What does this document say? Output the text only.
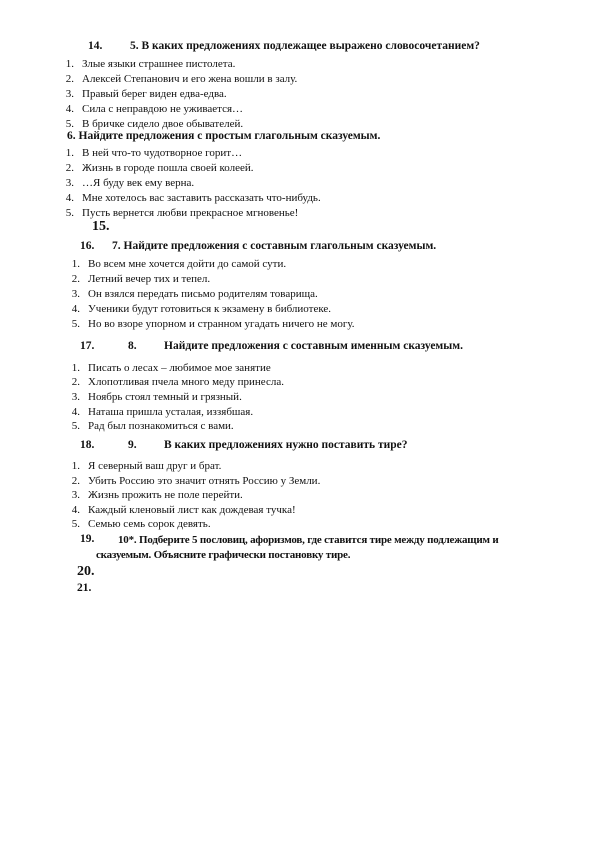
14. 5. В каких предложениях подлежащее выражено словосочетанием?
1. Злые языки страшнее пистолета.
2. Алексей Степанович и его жена вошли в залу.
3. Правый берег виден едва-едва.
4. Сила с неправдою не уживается…
5. В бричке сидело двое обывателей.
6. Найдите предложения с простым глагольным сказуемым.
1. В ней что-то чудотворное горит…
2. Жизнь в городе пошла своей колеей.
3. …Я буду век ему верна.
4. Мне хотелось вас заставить рассказать что-нибудь.
5. Пусть вернется любви прекрасное мгновенье!
15.
16. 7. Найдите предложения с составным глагольным сказуемым.
1. Во всем мне хочется дойти до самой сути.
2. Летний вечер тих и тепел.
3. Он взялся передать письмо родителям товарища.
4. Ученики будут готовиться к экзамену в библиотеке.
5. Но во взоре упорном и странном угадать ничего не могу.
17.	8. Найдите предложения с составным именным сказуемым.
1. Писать о лесах – любимое мое занятие
2. Хлопотливая пчела много меду принесла.
3. Ноябрь стоял темный и грязный.
4. Наташа пришла усталая, иззябшая.
5. Рад был познакомиться с вами.
18.	9. В каких предложениях нужно поставить тире?
1. Я северный ваш друг и брат.
2. Убить Россию это значит отнять Россию у Земли.
3. Жизнь прожить не поле перейти.
4. Каждый кленовый лист как дождевая тучка!
5. Семью семь сорок девять.
19. 10*. Подберите 5 пословиц, афоризмов, где ставится тире между подлежащим и
сказуемым. Объясните графически постановку тире.
20.
21.
